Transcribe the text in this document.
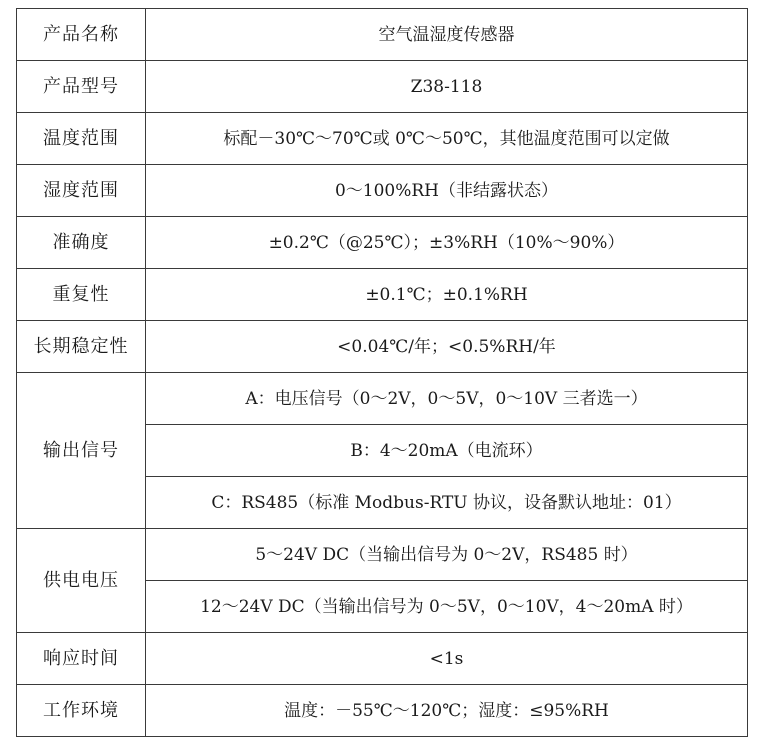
产品名称	空气温湿度传感器
产品型号	Z38-118
温度范围	标配－30℃～70℃或 0℃～50℃，其他温度范围可以定做
湿度范围	0～100%RH（非结露状态）
准确度	±0.2℃（@25℃）；±3%RH（10%～90%）
重复性	±0.1℃；±0.1%RH
长期稳定性	<0.04℃/年；<0.5%RH/年
输出信号	A：电压信号（0～2V，0～5V，0～10V 三者选一）
	B：4～20mA（电流环）
	C：RS485（标准 Modbus-RTU 协议，设备默认地址：01）
供电电压	5～24V DC（当输出信号为 0～2V，RS485 时）
	12～24V DC（当输出信号为 0～5V，0～10V，4～20mA 时）
响应时间	<1s
工作环境	温度：－55℃～120℃；湿度：≤95%RH
